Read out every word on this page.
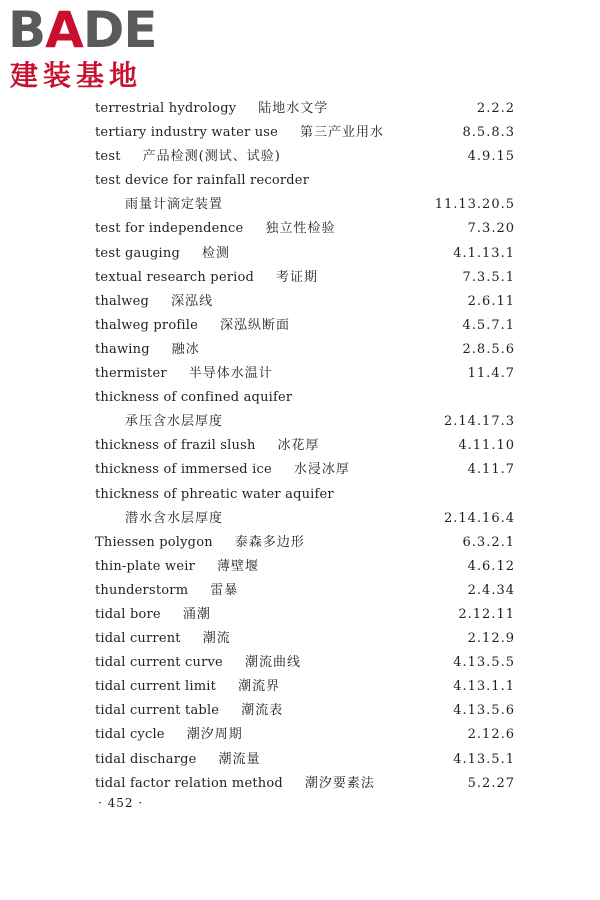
BADE
建装基地
terrestrial hydrology 陆地水文学	2.2.2
tertiary industry water use 第三产业用水	8.5.8.3
test 产品检测(测试、试验)	4.9.15
test device for rainfall recorder
雨量计滴定装置	11.13.20.5
test for independence 独立性检验	7.3.20
test gauging 检测	4.1.13.1
textual research period 考证期	7.3.5.1
thalweg 深泓线	2.6.11
thalweg profile 深泓纵断面	4.5.7.1
thawing 融冰	2.8.5.6
thermister 半导体水温计	11.4.7
thickness of confined aquifer
承压含水层厚度	2.14.17.3
thickness of frazil slush 冰花厚	4.11.10
thickness of immersed ice 水浸冰厚	4.11.7
thickness of phreatic water aquifer
潜水含水层厚度	2.14.16.4
Thiessen polygon 泰森多边形	6.3.2.1
thin-plate weir 薄壁堰	4.6.12
thunderstorm 雷暴	2.4.34
tidal bore 涌潮	2.12.11
tidal current 潮流	2.12.9
tidal current curve 潮流曲线	4.13.5.5
tidal current limit 潮流界	4.13.1.1
tidal current table 潮流表	4.13.5.6
tidal cycle 潮汐周期	2.12.6
tidal discharge 潮流量	4.13.5.1
tidal factor relation method 潮汐要素法	5.2.27
· 452 ·
